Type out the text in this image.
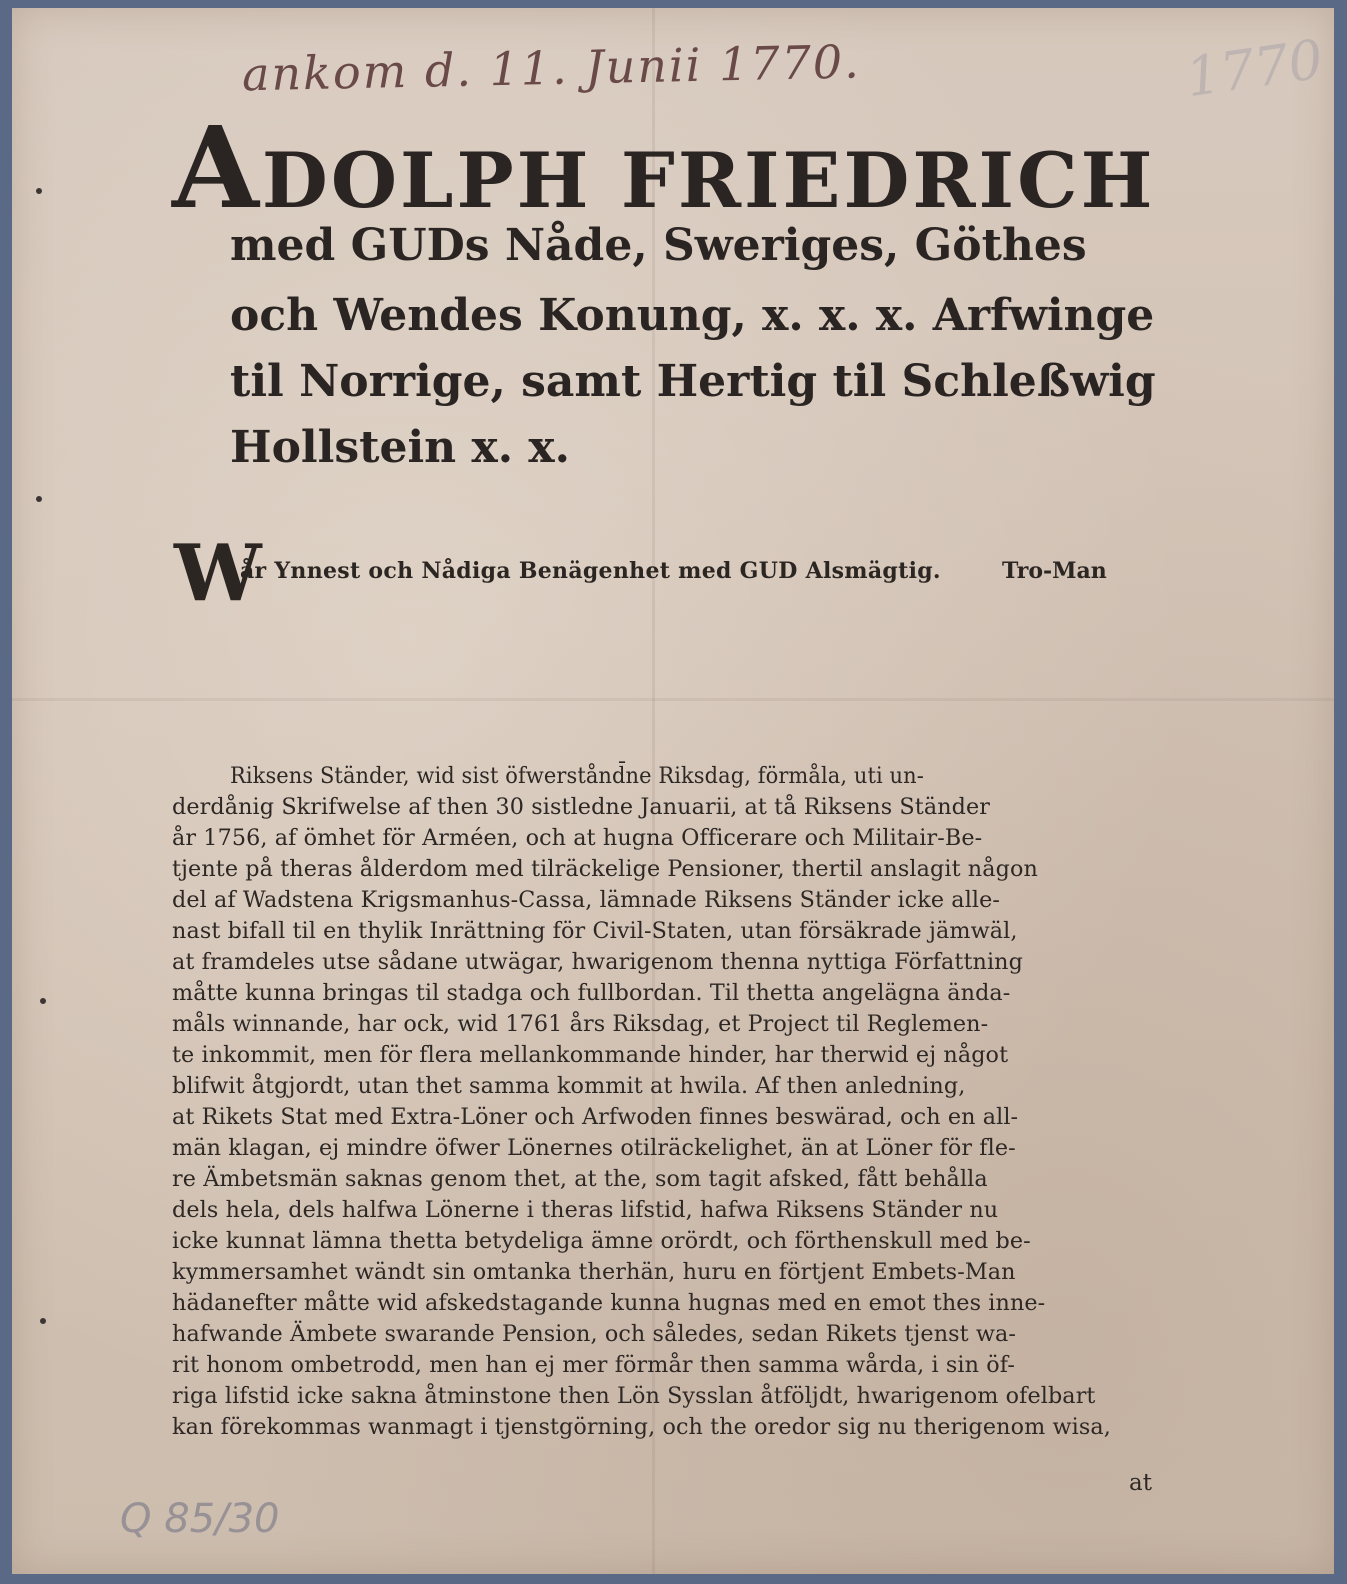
ankom d. 11. Junii 1770.	1770
ADOLPH FRIEDRICH
med GUDs Nåde, Sweriges, Göthes
och Wendes Konung, x. x. x. Arfwinge
til Norrige, samt Hertig til Schleßwig
Hollstein x. x.
W
år Ynnest och Nådiga Benägenhet med GUD Alsmägtig.	Tro-Man
Riksens Ständer, wid sist öfwerstånd̄ne Riksdag, förmåla, uti un-
derdånig Skrifwelse af then 30 sistledne Januarii, at tå Riksens Ständer
år 1756, af ömhet för Arméen, och at hugna Officerare och Militair-Be-
tjente på theras ålderdom med tilräckelige Pensioner, thertil anslagit någon
del af Wadstena Krigsmanhus-Cassa, lämnade Riksens Ständer icke alle-
nast bifall til en thylik Inrättning för Civil-Staten, utan försäkrade jämwäl,
at framdeles utse sådane utwägar, hwarigenom thenna nyttiga Författning
måtte kunna bringas til stadga och fullbordan. Til thetta angelägna ända-
måls winnande, har ock, wid 1761 års Riksdag, et Project til Reglemen-
te inkommit, men för flera mellankommande hinder, har therwid ej något
blifwit åtgjordt, utan thet samma kommit at hwila. Af then anledning,
at Rikets Stat med Extra-Löner och Arfwoden finnes beswärad, och en all-
män klagan, ej mindre öfwer Lönernes otilräckelighet, än at Löner för fle-
re Ämbetsmän saknas genom thet, at the, som tagit afsked, fått behålla
dels hela, dels halfwa Lönerne i theras lifstid, hafwa Riksens Ständer nu
icke kunnat lämna thetta betydeliga ämne orördt, och förthenskull med be-
kymmersamhet wändt sin omtanka therhän, huru en förtjent Embets-Man
hädanefter måtte wid afskedstagande kunna hugnas med en emot thes inne-
hafwande Ämbete swarande Pension, och således, sedan Rikets tjenst wa-
rit honom ombetrodd, men han ej mer förmår then samma wårda, i sin öf-
riga lifstid icke sakna åtminstone then Lön Sysslan åtföljdt, hwarigenom ofelbart
kan förekommas wanmagt i tjenstgörning, och the oredor sig nu therigenom wisa,
at
Q 85/30
